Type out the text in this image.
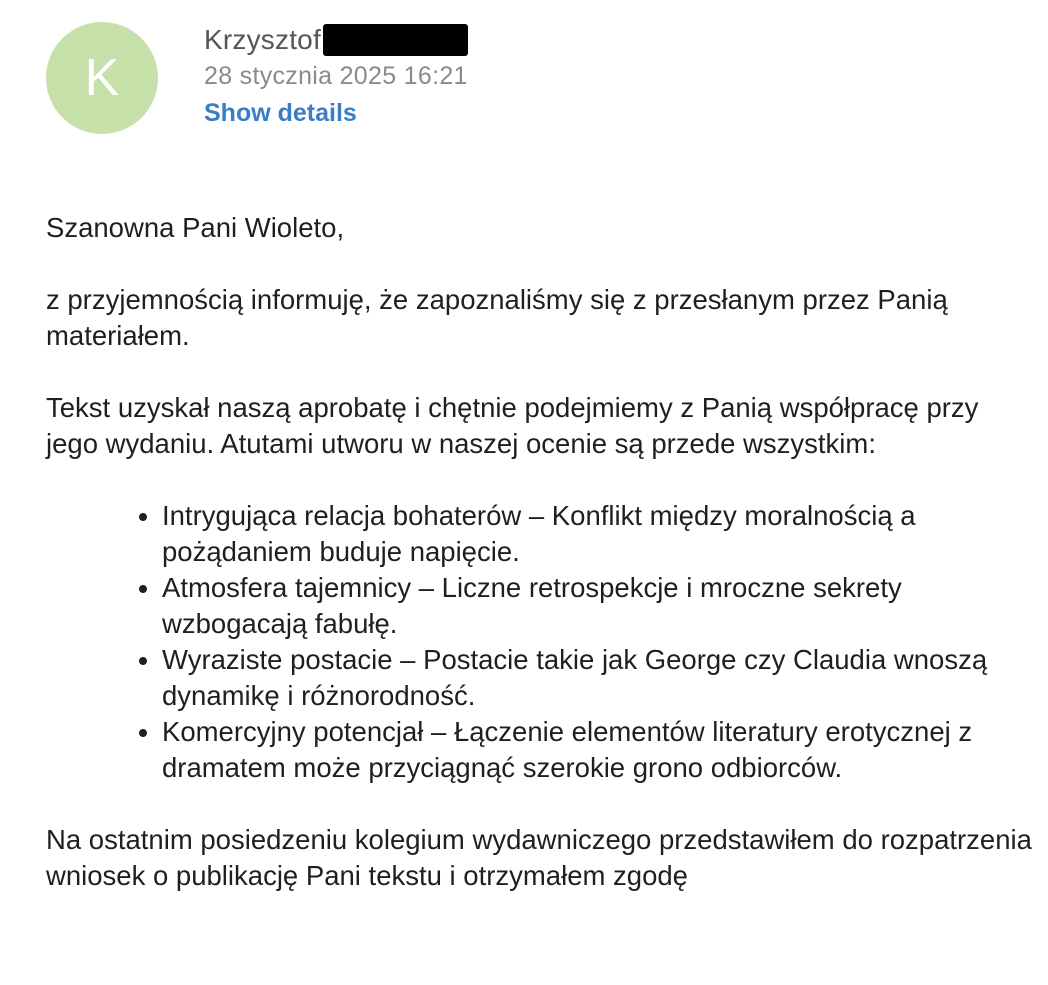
K
Krzysztof
28 stycznia 2025 16:21
Show details

Szanowna Pani Wioleto,

z przyjemnością informuję, że zapoznaliśmy się z przesłanym przez Panią materiałem.

Tekst uzyskał naszą aprobatę i chętnie podejmiemy z Panią współpracę przy jego wydaniu. Atutami utworu w naszej ocenie są przede wszystkim:

• Intrygująca relacja bohaterów – Konflikt między moralnością a pożądaniem buduje napięcie.
• Atmosfera tajemnicy – Liczne retrospekcje i mroczne sekrety wzbogacają fabułę.
• Wyraziste postacie – Postacie takie jak George czy Claudia wnoszą dynamikę i różnorodność.
• Komercyjny potencjał – Łączenie elementów literatury erotycznej z dramatem może przyciągnąć szerokie grono odbiorców.

Na ostatnim posiedzeniu kolegium wydawniczego przedstawiłem do rozpatrzenia wniosek o publikację Pani tekstu i otrzymałem zgodę
